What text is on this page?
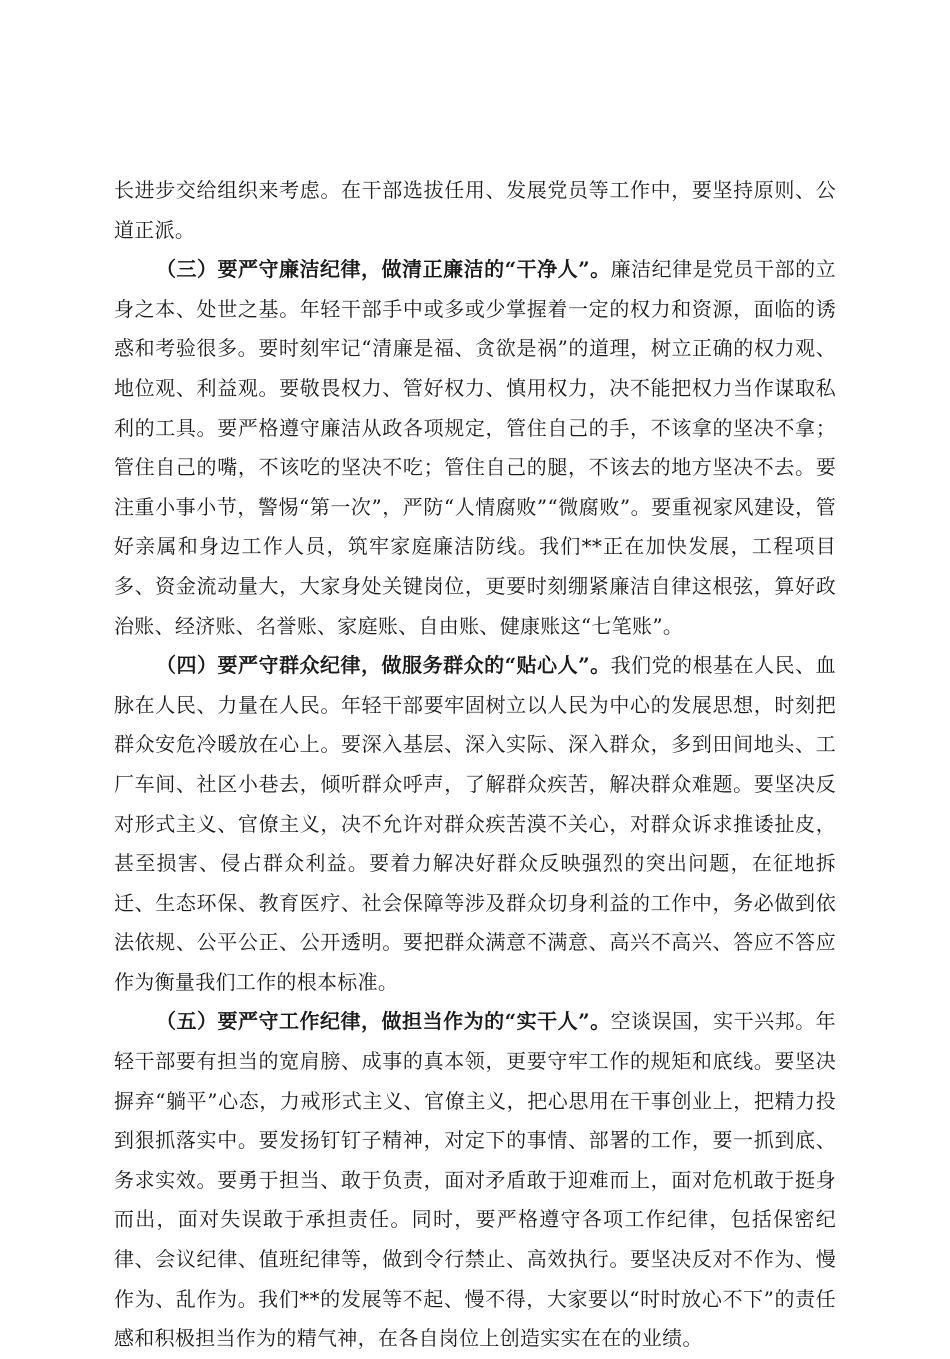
长进步交给组织来考虑。在干部选拔任用、发展党员等工作中，要坚持原则、公道正派。

（三）要严守廉洁纪律，做清正廉洁的“干净人”。廉洁纪律是党员干部的立身之本、处世之基。年轻干部手中或多或少掌握着一定的权力和资源，面临的诱惑和考验很多。要时刻牢记“清廉是福、贪欲是祸”的道理，树立正确的权力观、地位观、利益观。要敬畏权力、管好权力、慎用权力，决不能把权力当作谋取私利的工具。要严格遵守廉洁从政各项规定，管住自己的手，不该拿的坚决不拿；管住自己的嘴，不该吃的坚决不吃；管住自己的腿，不该去的地方坚决不去。要注重小事小节，警惕“第一次”，严防“人情腐败”“微腐败”。要重视家风建设，管好亲属和身边工作人员，筑牢家庭廉洁防线。我们**正在加快发展，工程项目多、资金流动量大，大家身处关键岗位，更要时刻绷紧廉洁自律这根弦，算好政治账、经济账、名誉账、家庭账、自由账、健康账这“七笔账”。

（四）要严守群众纪律，做服务群众的“贴心人”。我们党的根基在人民、血脉在人民、力量在人民。年轻干部要牢固树立以人民为中心的发展思想，时刻把群众安危冷暖放在心上。要深入基层、深入实际、深入群众，多到田间地头、工厂车间、社区小巷去，倾听群众呼声，了解群众疾苦，解决群众难题。要坚决反对形式主义、官僚主义，决不允许对群众疾苦漠不关心，对群众诉求推诿扯皮，甚至损害、侵占群众利益。要着力解决好群众反映强烈的突出问题，在征地拆迁、生态环保、教育医疗、社会保障等涉及群众切身利益的工作中，务必做到依法依规、公平公正、公开透明。要把群众满意不满意、高兴不高兴、答应不答应作为衡量我们工作的根本标准。

（五）要严守工作纪律，做担当作为的“实干人”。空谈误国，实干兴邦。年轻干部要有担当的宽肩膀、成事的真本领，更要守牢工作的规矩和底线。要坚决摒弃“躺平”心态，力戒形式主义、官僚主义，把心思用在干事创业上，把精力投到狠抓落实中。要发扬钉钉子精神，对定下的事情、部署的工作，要一抓到底、务求实效。要勇于担当、敢于负责，面对矛盾敢于迎难而上，面对危机敢于挺身而出，面对失误敢于承担责任。同时，要严格遵守各项工作纪律，包括保密纪律、会议纪律、值班纪律等，做到令行禁止、高效执行。要坚决反对不作为、慢作为、乱作为。我们**的发展等不起、慢不得，大家要以“时时放心不下”的责任感和积极担当作为的精气神，在各自岗位上创造实实在在的业绩。
